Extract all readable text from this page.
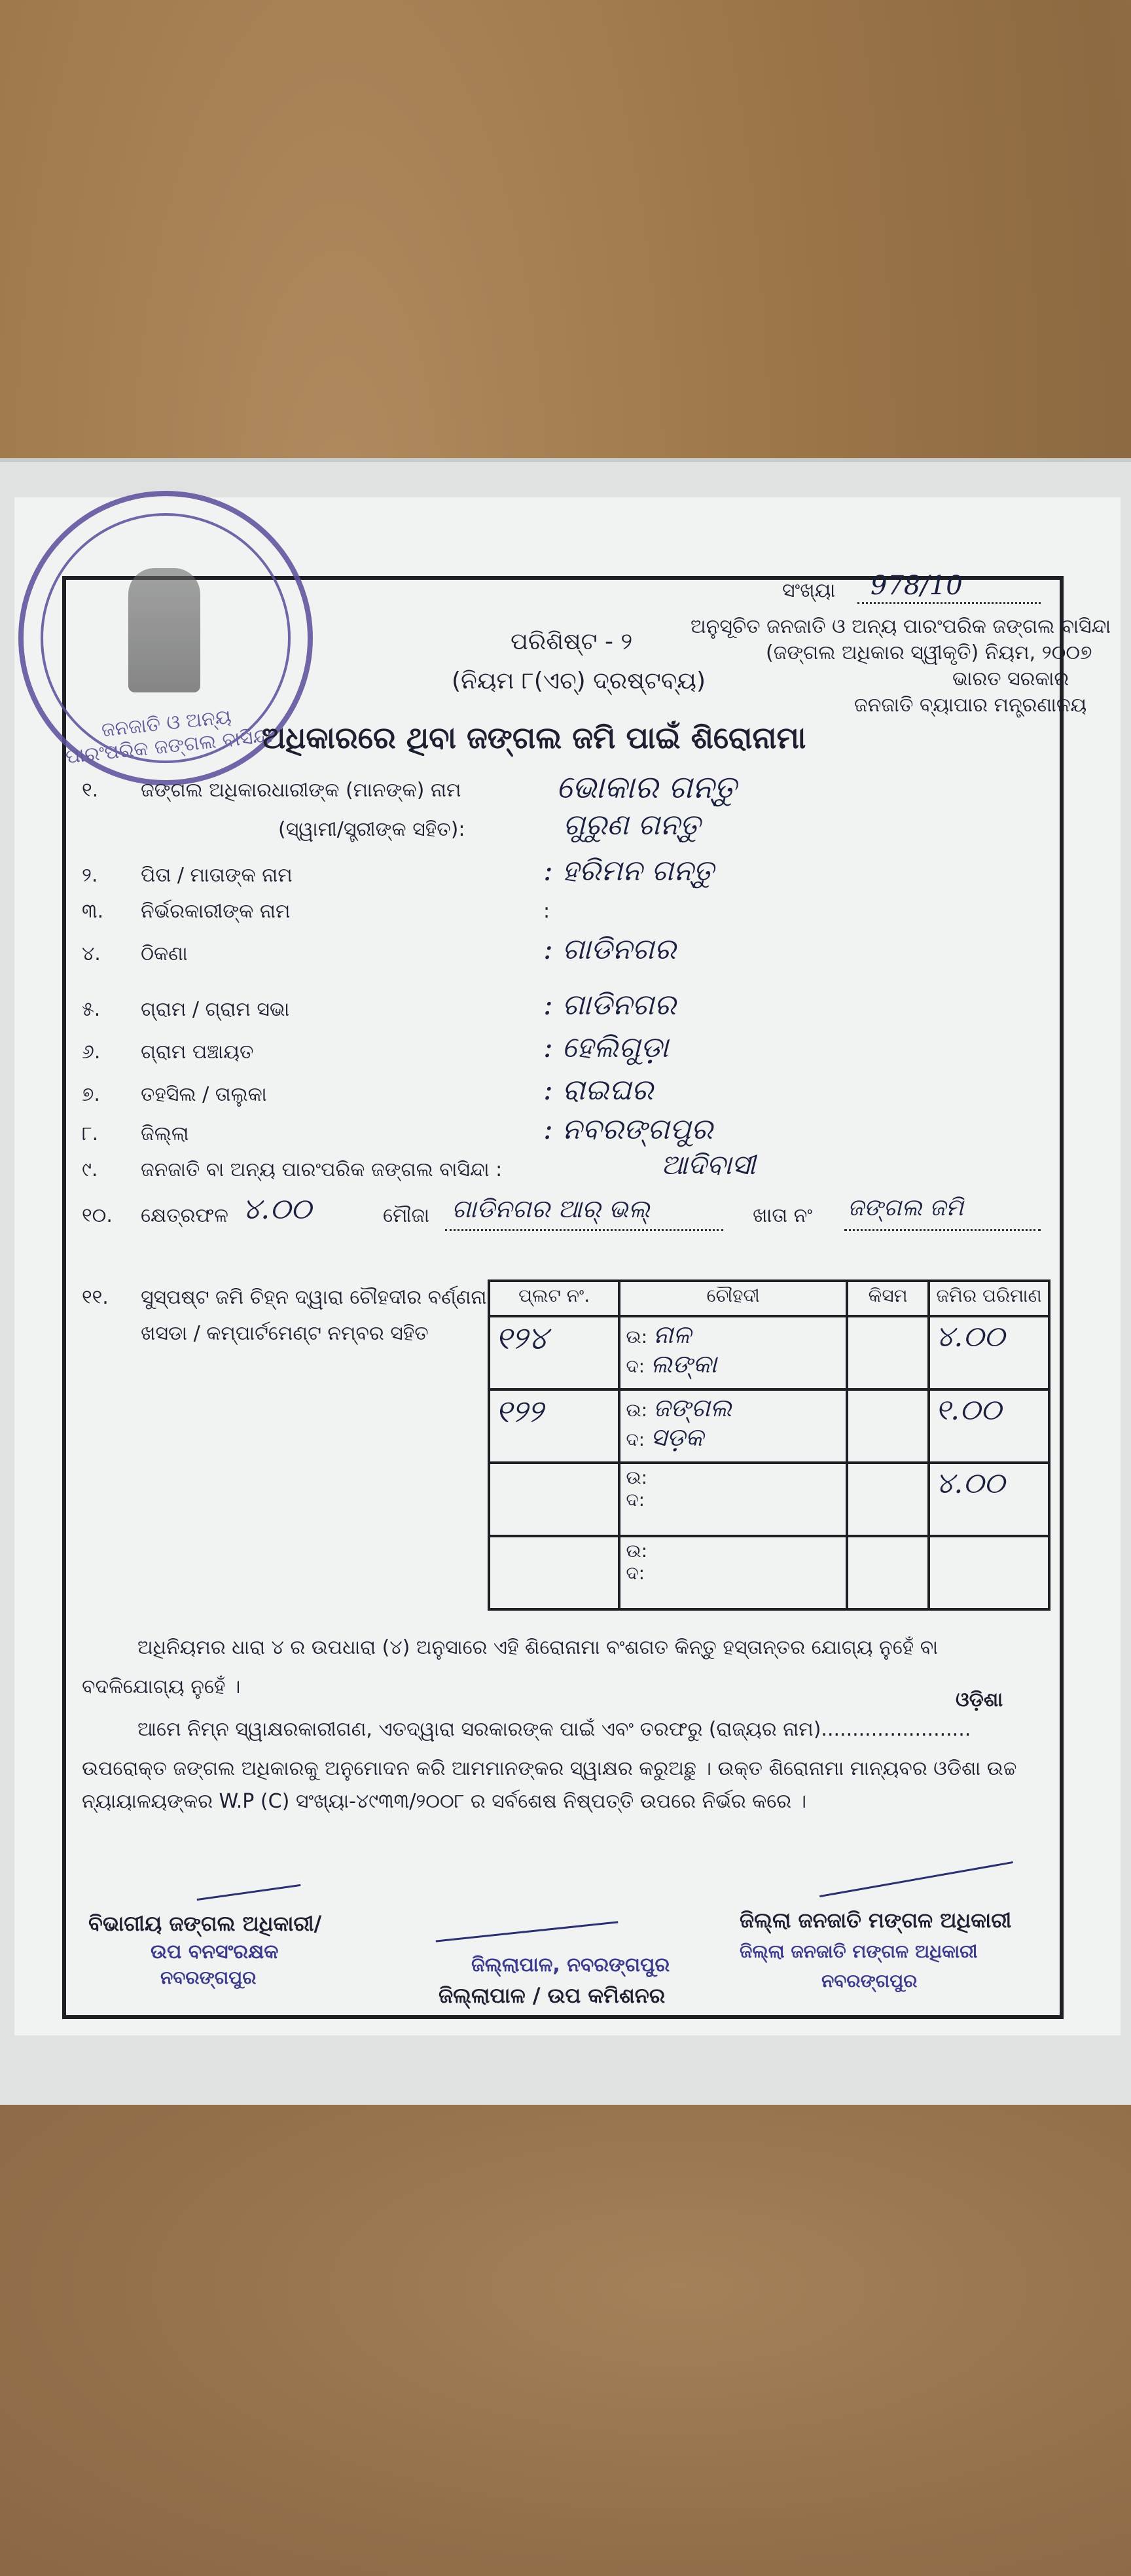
ଜନଜାତି ଓ ଅନ୍ୟ ପାରଂପରିକ ଜଙ୍ଗଲ ବାସିନ୍ଦା
ସଂଖ୍ୟା 978/10
ଅନୁସୂଚିତ ଜନଜାତି ଓ ଅନ୍ୟ ପାରଂପରିକ ଜଙ୍ଗଲ ବାସିନ୍ଦା
(ଜଙ୍ଗଲ ଅଧିକାର ସ୍ୱୀକୃତି) ନିୟମ, ୨୦୦୭
ଭାରତ ସରକାର
ଜନଜାତି ବ୍ୟାପାର ମନ୍ତ୍ରଣାଳୟ
ପରିଶିଷ୍ଟ - ୨
(ନିୟମ ୮(ଏଚ୍) ଦ୍ରଷ୍ଟବ୍ୟ)
ଅଧିକାରରେ ଥିବା ଜଙ୍ଗଲ ଜମି ପାଇଁ ଶିରୋନାମା
୧. ଜଙ୍ଗଲ ଅଧିକାରଧାରୀଙ୍କ (ମାନଙ୍କ) ନାମ
(ସ୍ୱାମୀ/ସ୍ତ୍ରୀଙ୍କ ସହିତ):
ଭୋକାର ଗନ୍ତୁ
ଗୁରୁଣ ଗନ୍ତୁ
୨. ପିତା / ମାତାଙ୍କ ନାମ	: ହରିମନ ଗନ୍ତୁ
୩. ନିର୍ଭରକାରୀଙ୍କ ନାମ	:
୪. ଠିକଣା	: ଗାଡିନଗର
୫. ଗ୍ରାମ / ଗ୍ରାମ ସଭା	: ଗାଡିନଗର
୬. ଗ୍ରାମ ପଞ୍ଚାୟତ	: ହେଲିଗୁଡ଼ା
୭. ତହସିଲ / ତାଲୁକା	: ରାଇଘର
୮. ଜିଲ୍ଲା	: ନବରଙ୍ଗପୁର
୯. ଜନଜାତି ବା ଅନ୍ୟ ପାରଂପରିକ ଜଙ୍ଗଲ ବାସିନ୍ଦା :	ଆଦିବାସୀ
୧୦. କ୍ଷେତ୍ରଫଳ ୪.୦୦	ମୌଜା ଗାଡିନଗର ଆର୍ ଭଲ୍	ଖାତା ନଂ ଜଙ୍ଗଲ ଜମି
୧୧. ସୁସ୍ପଷ୍ଟ ଜମି ଚିହ୍ନ ଦ୍ୱାରା ଚୌହଦୀର ବର୍ଣ୍ଣନା
ଖସଡା / କମ୍ପାର୍ଟମେଣ୍ଟ ନମ୍ବର ସହିତ
ପ୍ଲଟ ନଂ.	ଚୌହଦୀ	କିସମ	ଜମିର ପରିମାଣ
୧୨୪	ଉ: ନାଳ
ଦ: ଲଙ୍କା		୪.୦୦
୧୨୨	ଉ: ଜଙ୍ଗଲ
ଦ: ସଡ଼କ		୧.୦୦

	ଉ:
ଦ:		୪.୦୦

	ଉ:
ଦ:		

ଅଧିନିୟମର ଧାରା ୪ ର ଉପଧାରା (୪) ଅନୁସାରେ ଏହି ଶିରୋନାମା ବଂଶଗତ କିନ୍ତୁ ହସ୍ତାନ୍ତର ଯୋଗ୍ୟ ନୁହେଁ ବା
ବଦଳିଯୋଗ୍ୟ ନୁହେଁ ।
ଓଡ଼ିଶା
ଆମେ ନିମ୍ନ ସ୍ୱାକ୍ଷରକାରୀଗଣ, ଏତଦ୍ୱାରା ସରକାରଙ୍କ ପାଇଁ ଏବଂ ତରଫରୁ (ରାଜ୍ୟର ନାମ)........................
ଉପରୋକ୍ତ ଜଙ୍ଗଲ ଅଧିକାରକୁ ଅନୁମୋଦନ କରି ଆମମାନଙ୍କର ସ୍ୱାକ୍ଷର କରୁଅଛୁ । ଉକ୍ତ ଶିରୋନାମା ମାନ୍ୟବର ଓଡିଶା ଉଚ୍ଚ
ନ୍ୟାୟାଳୟଙ୍କର W.P (C) ସଂଖ୍ୟା-୪୯୩୩/୨୦୦୮ ର ସର୍ବଶେଷ ନିଷ୍ପତ୍ତି ଉପରେ ନିର୍ଭର କରେ ।
ବିଭାଗୀୟ ଜଙ୍ଗଲ ଅଧିକାରୀ/
ଉପ ବନସଂରକ୍ଷକ
ନବରଙ୍ଗପୁର
ଜିଲ୍ଲାପାଳ, ନବରଙ୍ଗପୁର
ଜିଲ୍ଲାପାଳ / ଉପ କମିଶନର
ଜିଲ୍ଲା ଜନଜାତି ମଙ୍ଗଳ ଅଧିକାରୀ
ଜିଲ୍ଲା ଜନଜାତି ମଙ୍ଗଳ ଅଧିକାରୀ
ନବରଙ୍ଗପୁର
